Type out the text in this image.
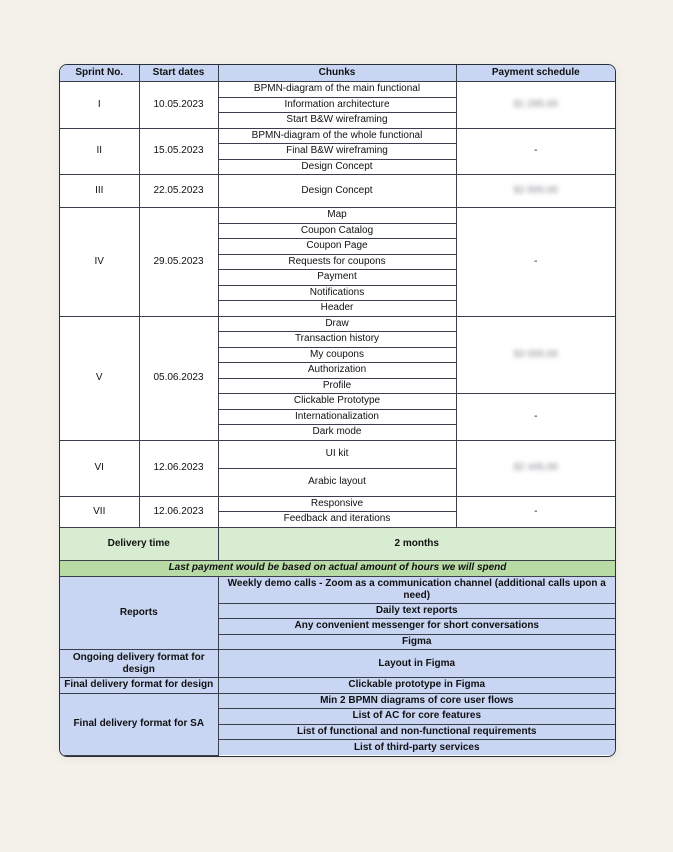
Sprint No.	Start dates	Chunks	Payment schedule
I	10.05.2023	BPMN-diagram of the main functional	$1 295.00
		Information architecture	
		Start B&W wireframing	
II	15.05.2023	BPMN-diagram of the whole functional	-
		Final B&W wireframing	
		Design Concept	
III	22.05.2023	Design Concept	$2 800.00
IV	29.05.2023	Map	-
		Coupon Catalog	
		Coupon Page	
		Requests for coupons	
		Payment	
		Notifications	
		Header	
V	05.06.2023	Draw	$3 000.00
		Transaction history	
		My coupons	
		Authorization	
		Profile	
		Clickable Prototype	-
		Internationalization	
		Dark mode	
VI	12.06.2023	UI kit	$2 445.00
		Arabic layout	
VII	12.06.2023	Responsive	-
		Feedback and iterations	
Delivery time		2 months	
Last payment would be based on actual amount of hours we will spend			
Reports		Weekly demo calls - Zoom as a communication channel (additional calls upon a need)	
		Daily text reports	
		Any convenient messenger for short conversations	
		Figma	
Ongoing delivery format for design		Layout in Figma	
Final delivery format for design		Clickable prototype in Figma	
Final delivery format for SA		Min 2 BPMN diagrams of core user flows	
		List of AC for core features	
		List of functional and non-functional requirements	
		List of third-party services	
